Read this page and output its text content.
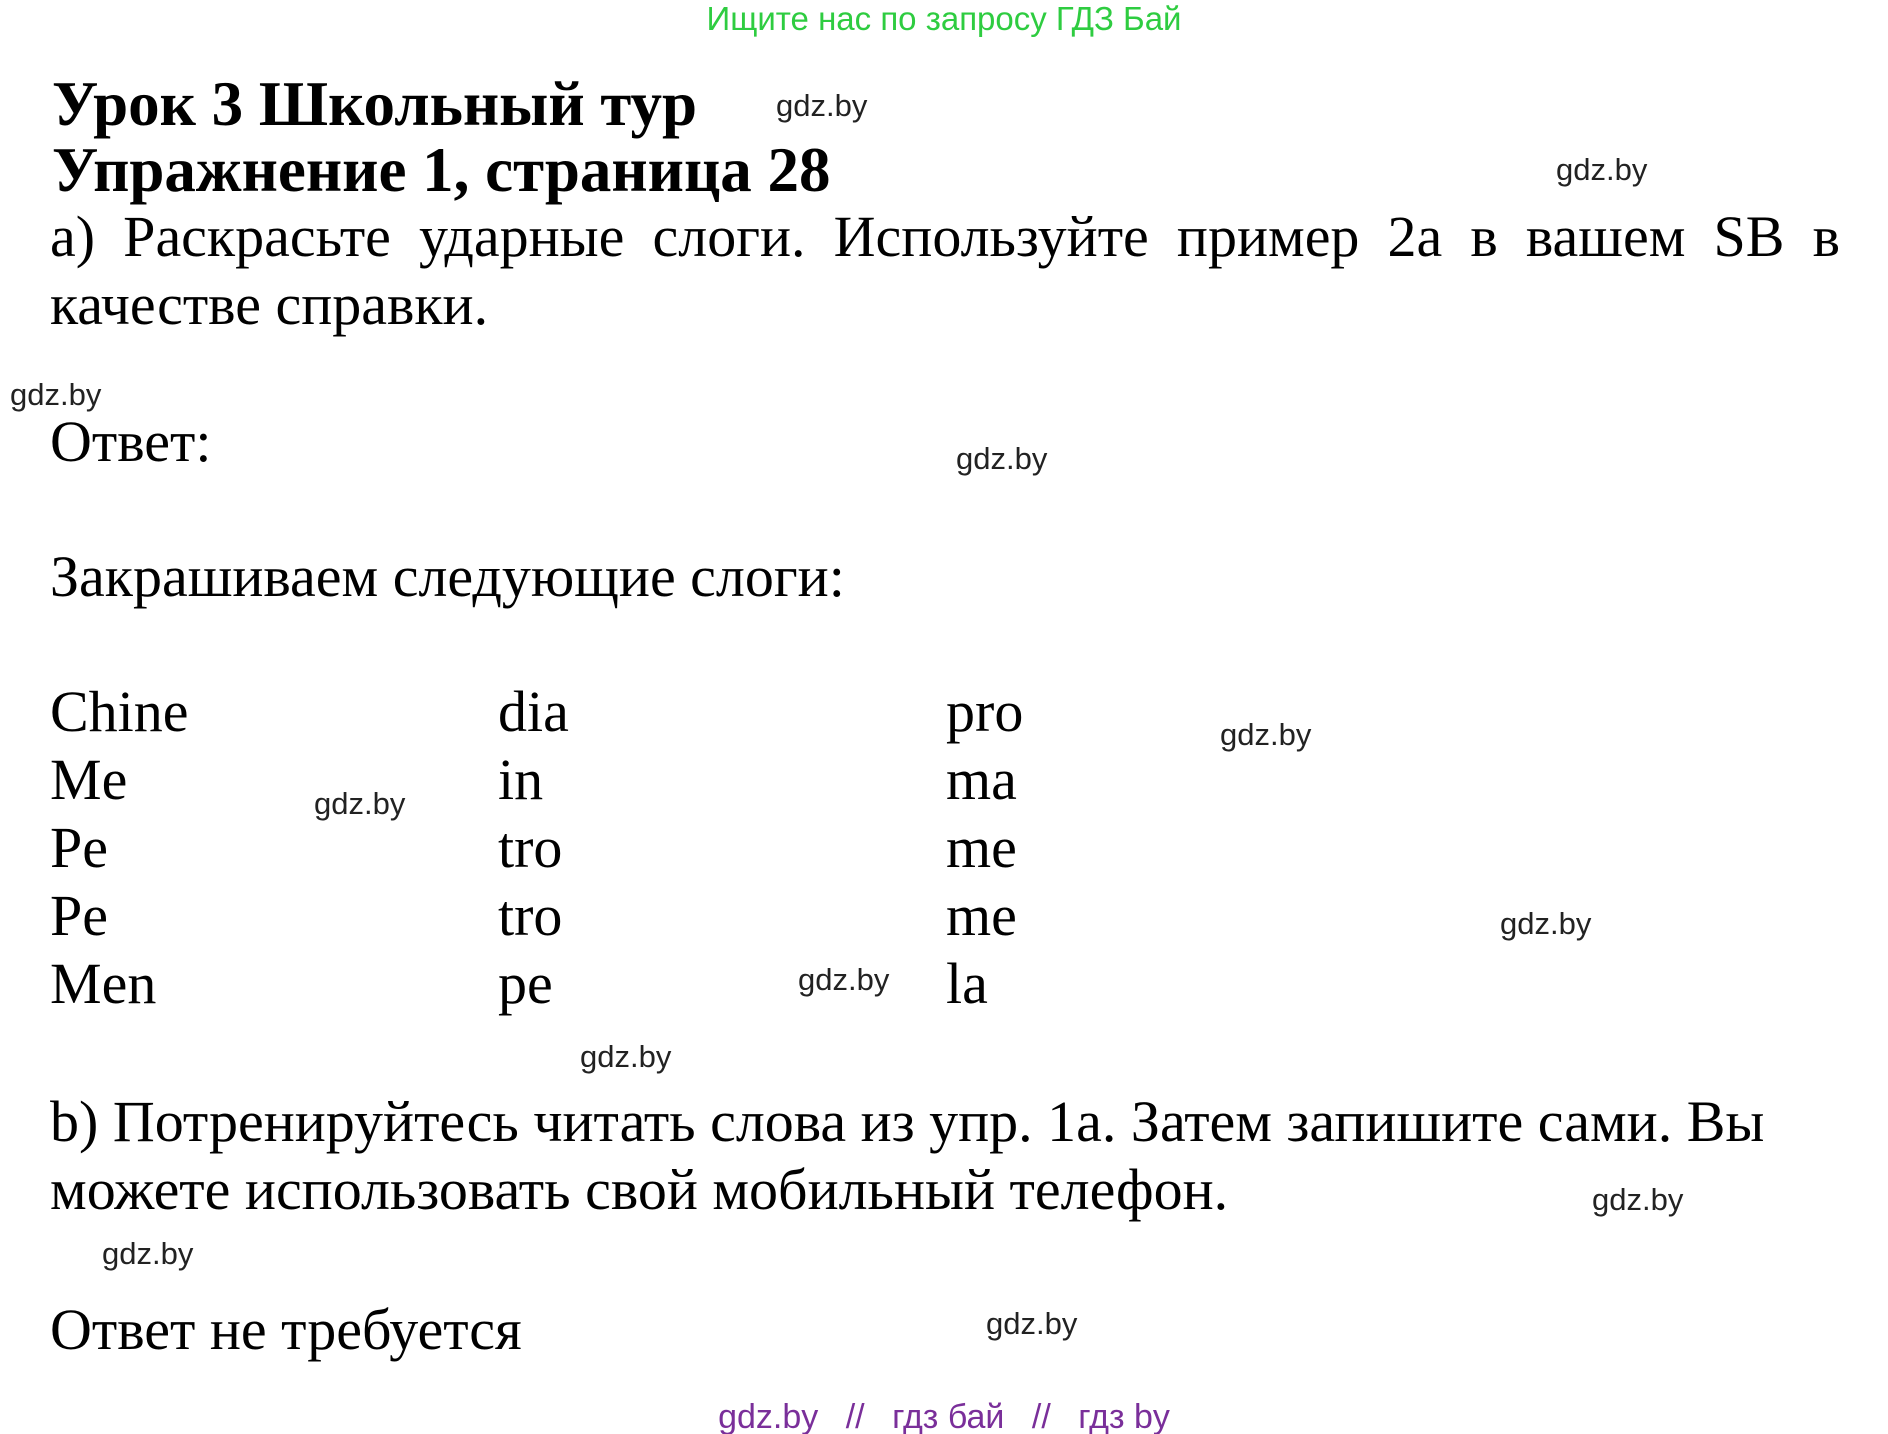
Ищите нас по запросу ГДЗ Бай
Урок 3 Школьный тур
Упражнение 1, страница 28
a) Раскрасьте ударные слоги. Используйте пример 2a в вашем SB в качестве справки.
Ответ:
Закрашиваем следующие слоги:
Chine	dia	pro
Me	in	ma
Pe	tro	me
Pe	tro	me
Men	pe	la
b) Потренируйтесь читать слова из упр. 1a. Затем запишите сами. Вы можете использовать свой мобильный телефон.
Ответ не требуется
gdz.by
gdz.by
gdz.by
gdz.by
gdz.by
gdz.by
gdz.by
gdz.by
gdz.by
gdz.by
gdz.by
gdz.by
gdz.by // гдз бай // гдз by
